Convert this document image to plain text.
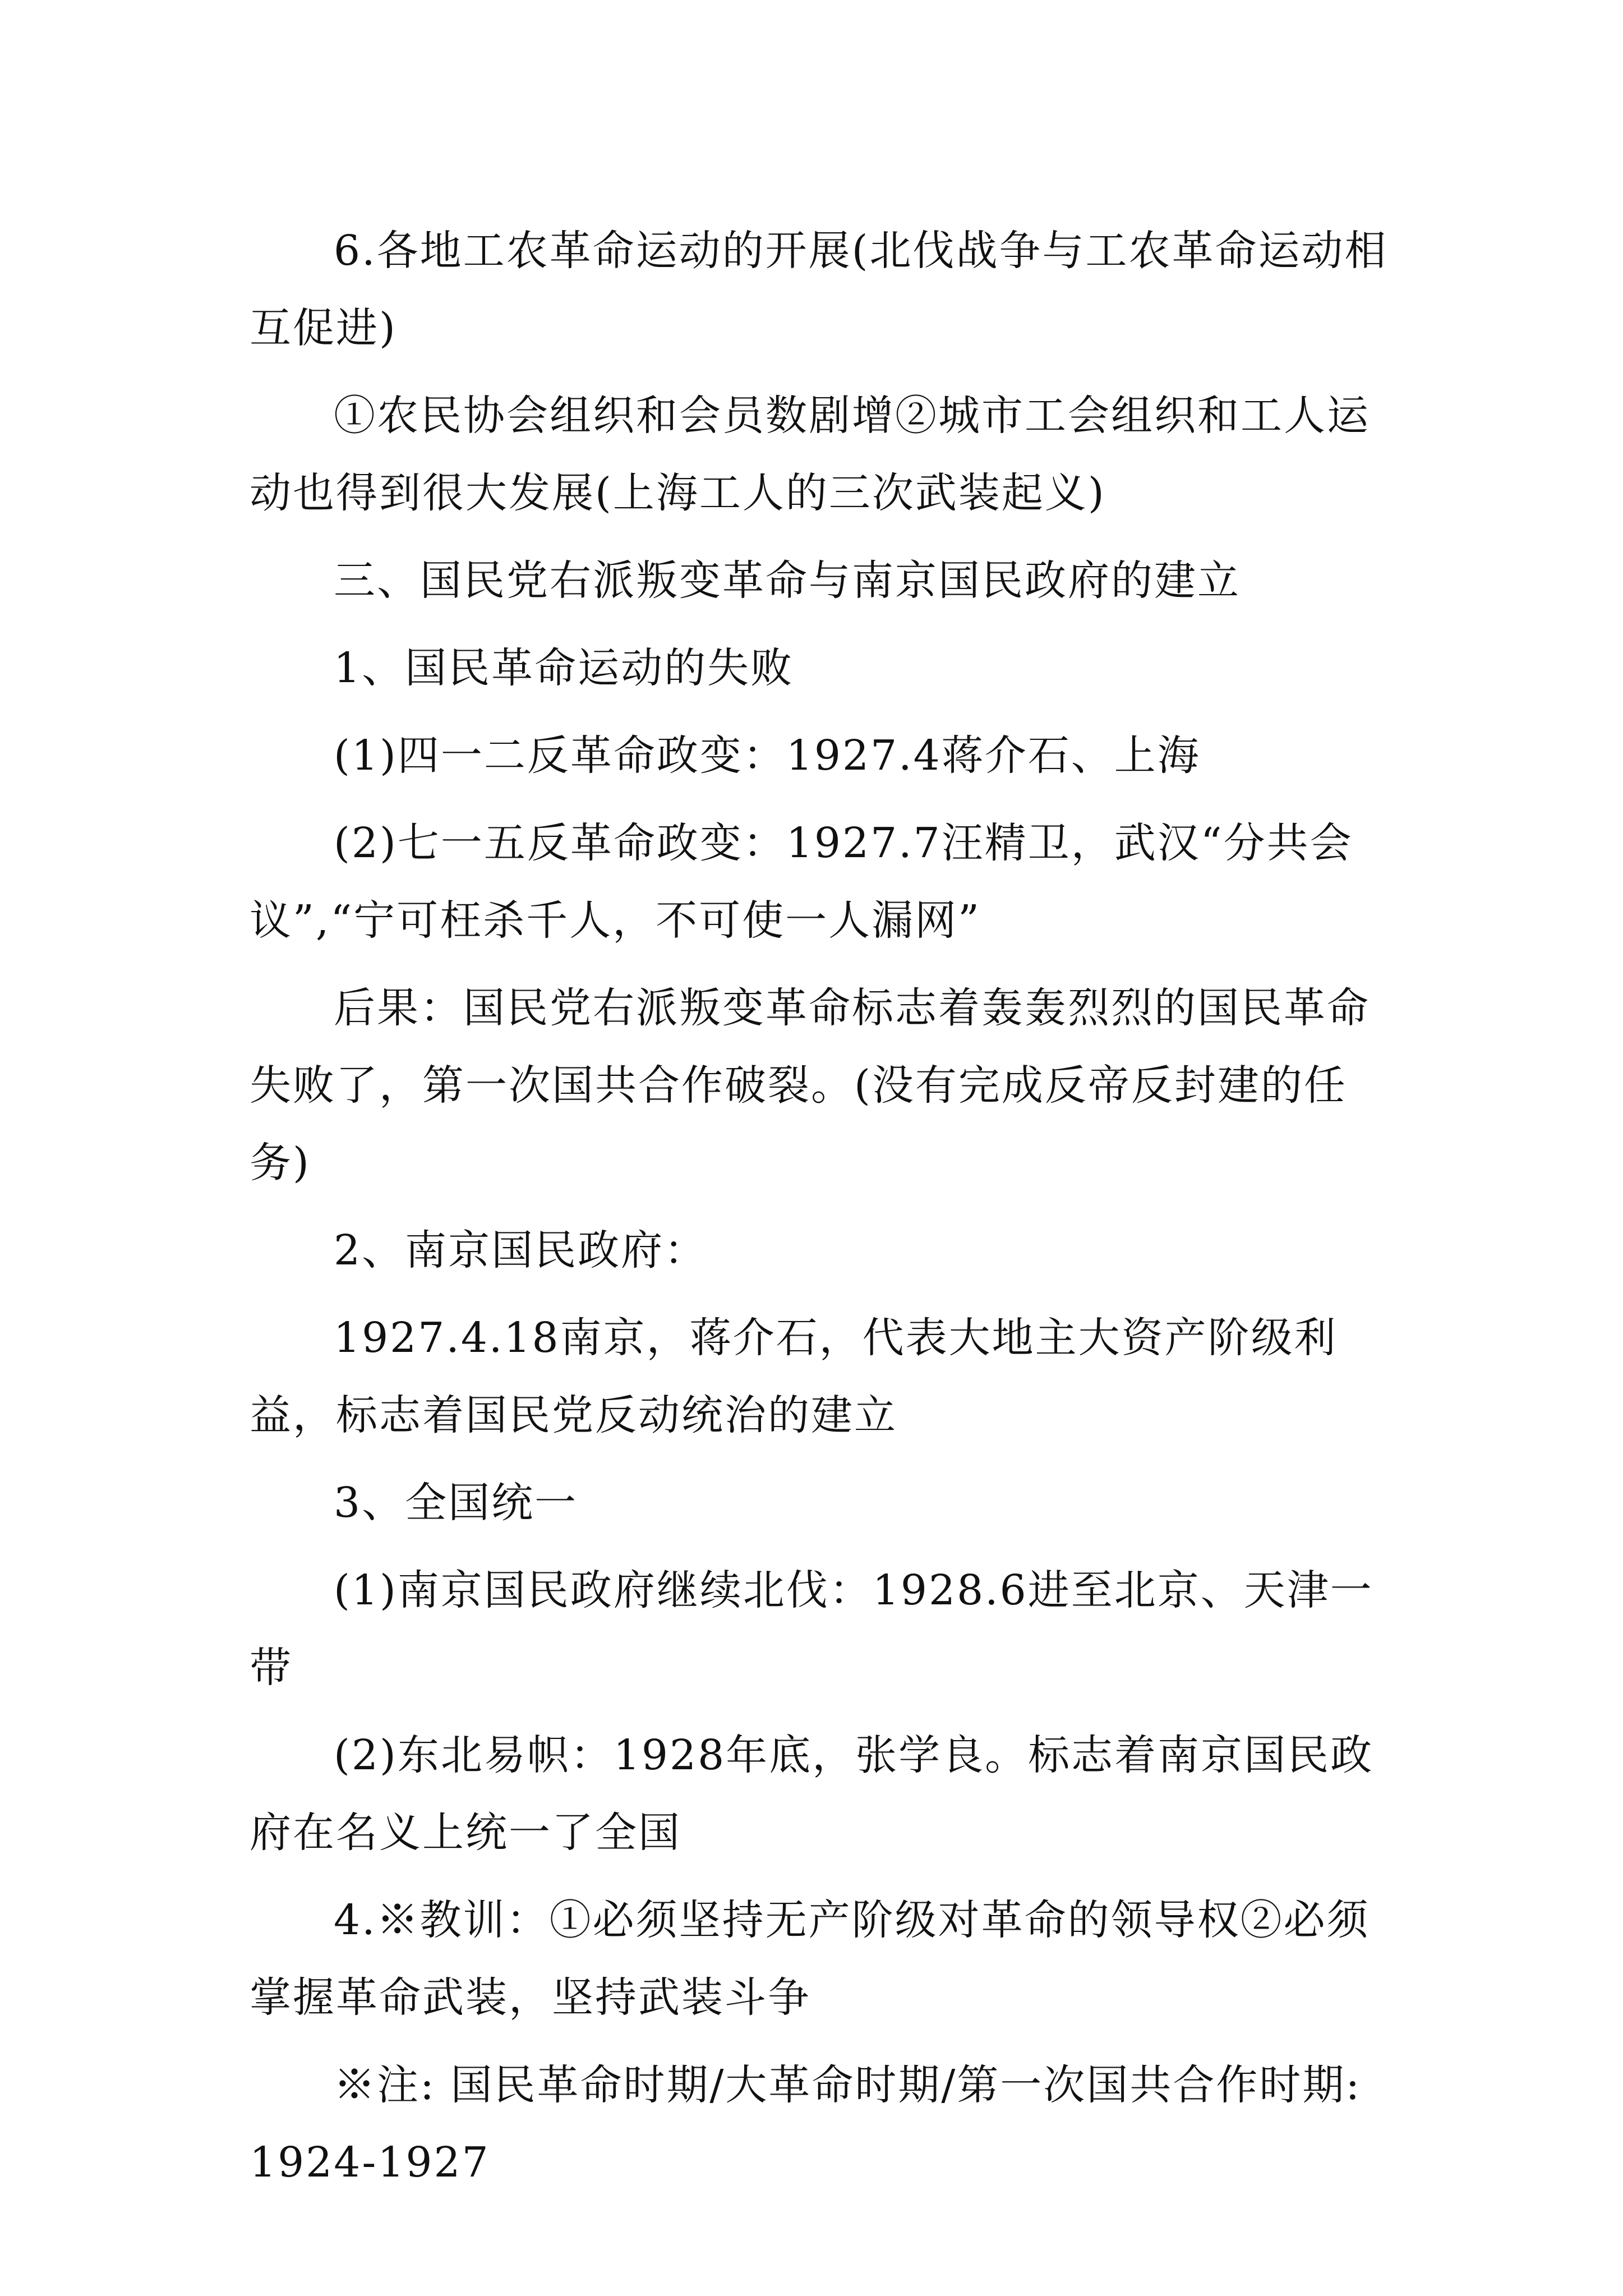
6.各地工农革命运动的开展(北伐战争与工农革命运动相互促进)

①农民协会组织和会员数剧增②城市工会组织和工人运动也得到很大发展(上海工人的三次武装起义)

三、国民党右派叛变革命与南京国民政府的建立

1、国民革命运动的失败

(1)四一二反革命政变：1927.4蒋介石、上海

(2)七一五反革命政变：1927.7汪精卫，武汉“分共会议”,“宁可枉杀千人，不可使一人漏网”

后果：国民党右派叛变革命标志着轰轰烈烈的国民革命失败了，第一次国共合作破裂。(没有完成反帝反封建的任务)

2、南京国民政府：

1927.4.18南京，蒋介石，代表大地主大资产阶级利益，标志着国民党反动统治的建立

3、全国统一

(1)南京国民政府继续北伐：1928.6进至北京、天津一带

(2)东北易帜：1928年底，张学良。标志着南京国民政府在名义上统一了全国

4.※教训：①必须坚持无产阶级对革命的领导权②必须掌握革命武装，坚持武装斗争

※注: 国民革命时期/大革命时期/第一次国共合作时期: 1924-1927
